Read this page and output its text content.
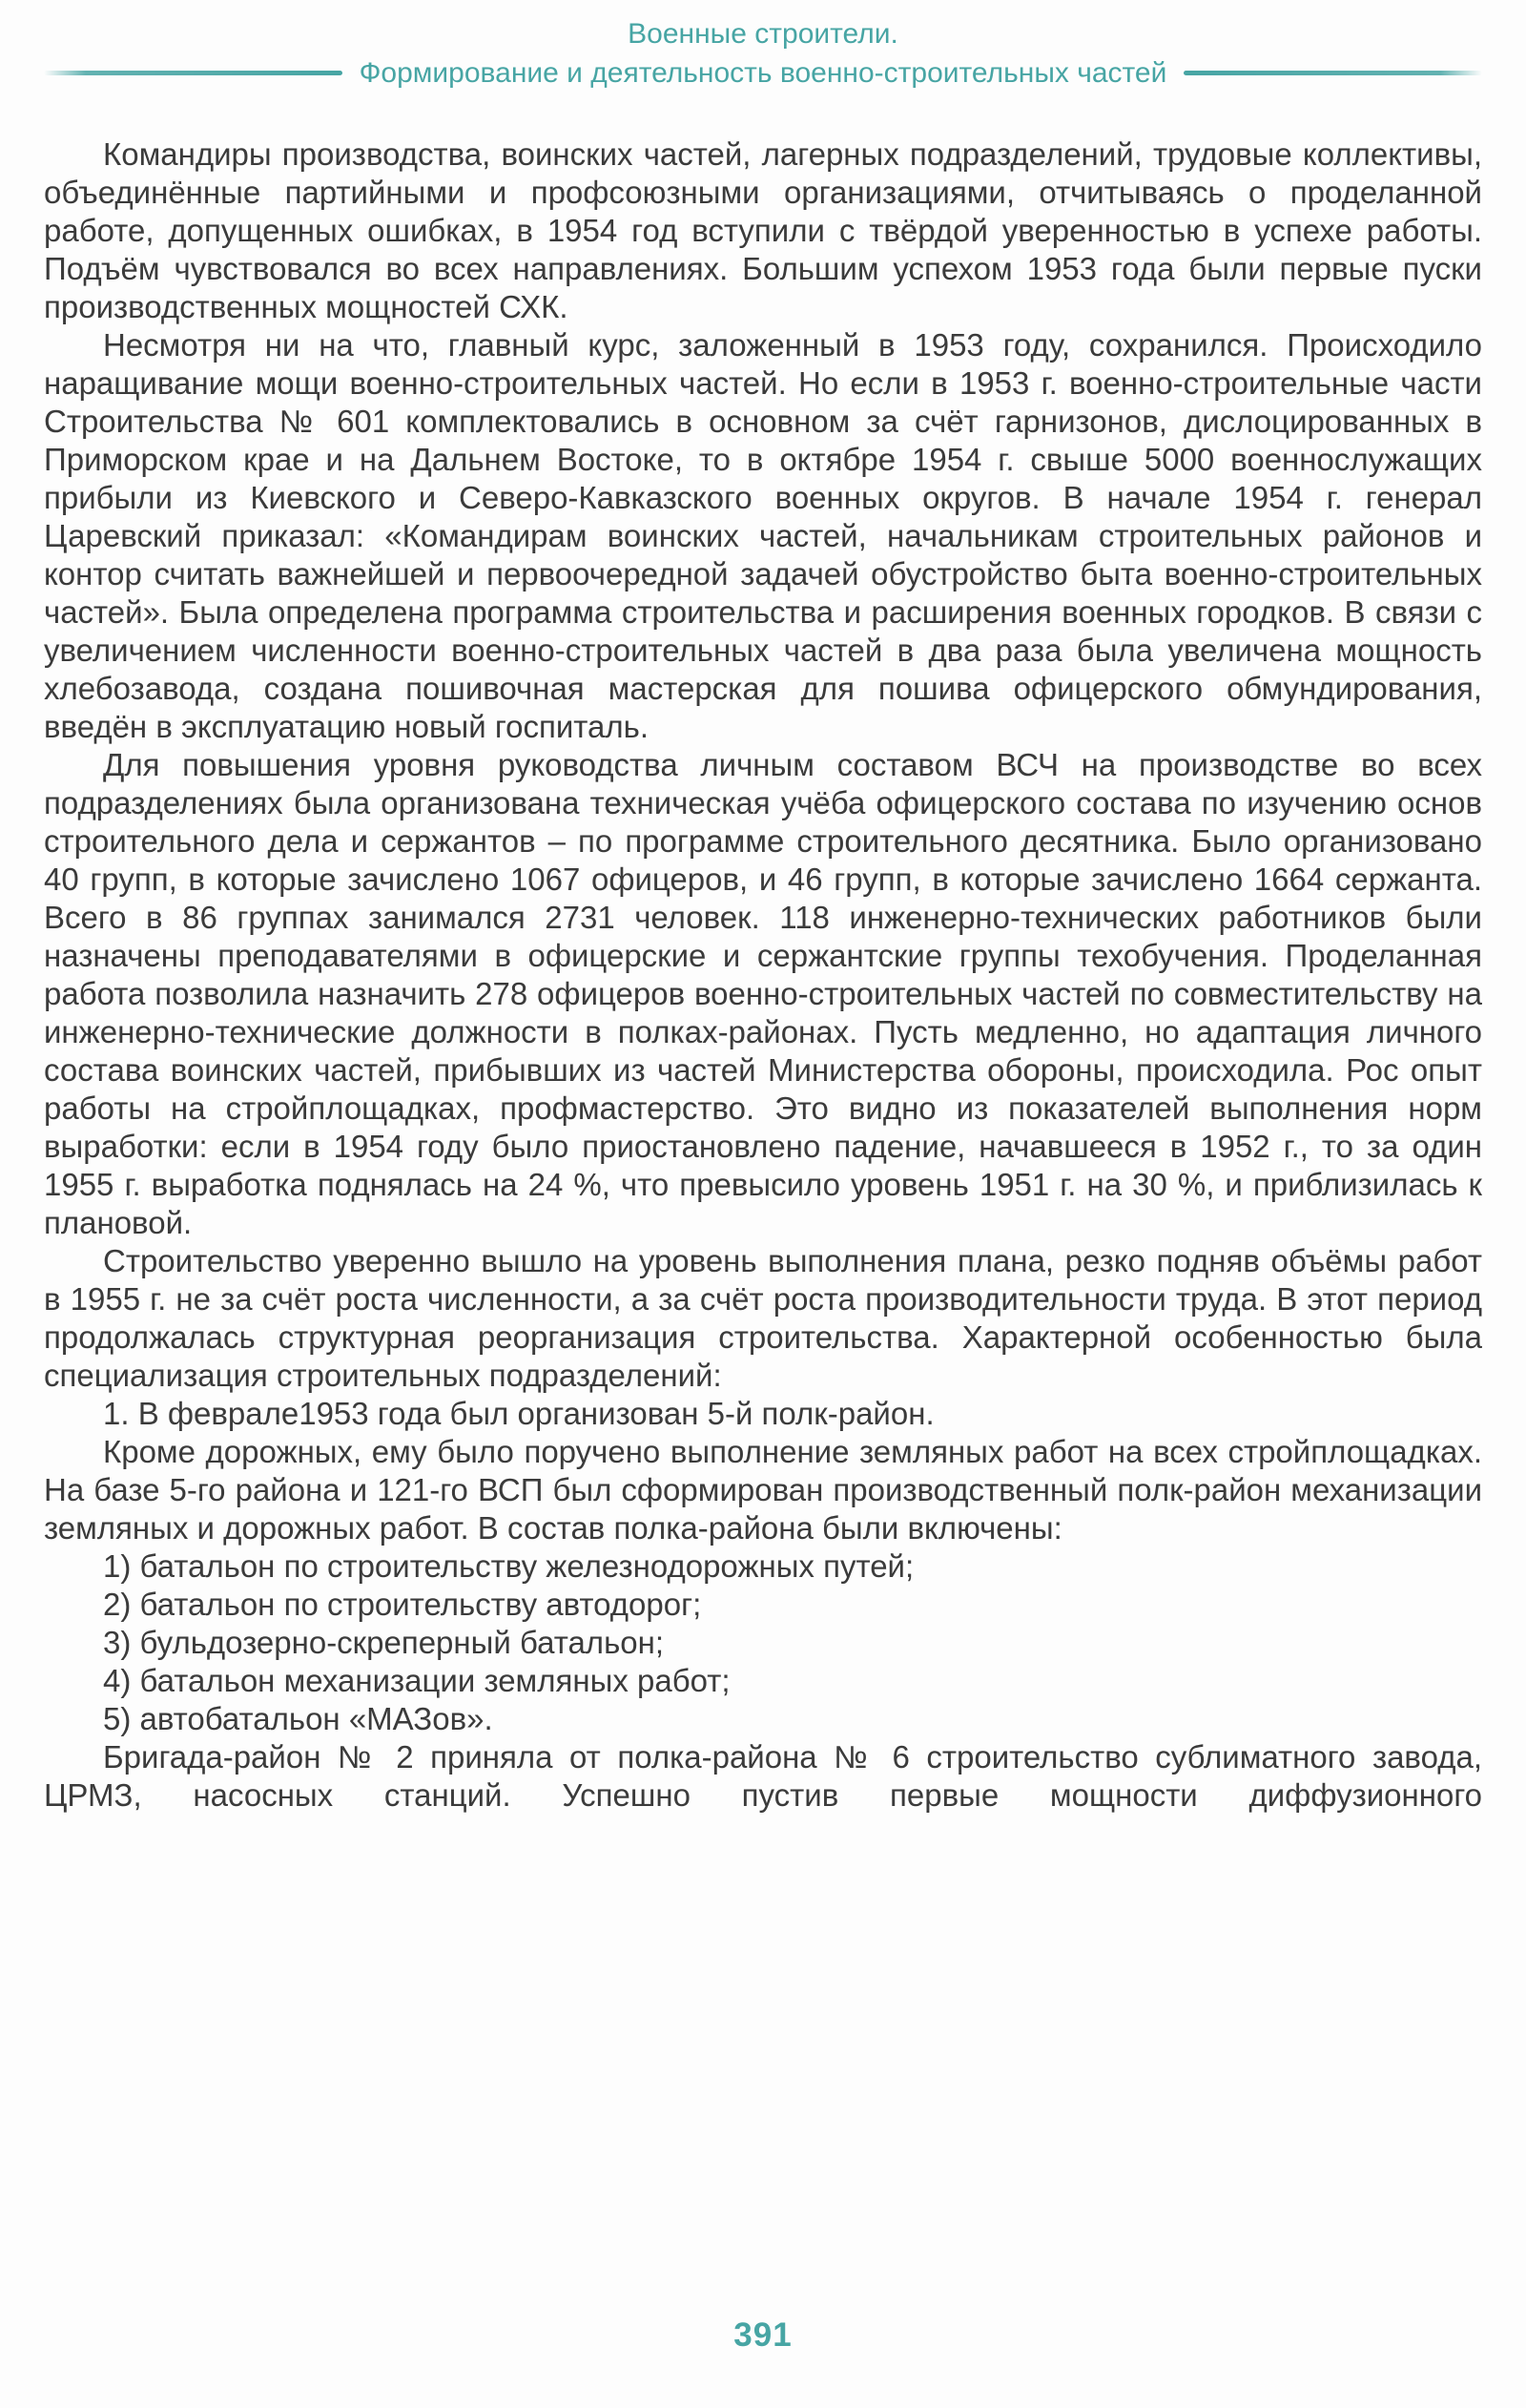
Военные строители.
Формирование и деятельность военно-строительных частей

Командиры производства, воинских частей, лагерных подразделений, трудовые коллективы, объединённые партийными и профсоюзными организациями, отчитываясь о проделанной работе, допущенных ошибках, в 1954 год вступили с твёрдой уверенностью в успехе работы. Подъём чувствовался во всех направлениях. Большим успехом 1953 года были первые пуски производственных мощностей СХК.

Несмотря ни на что, главный курс, заложенный в 1953 году, сохранился. Происходило наращивание мощи военно-строительных частей. Но если в 1953 г. военно-строительные части Строительства № 601 комплектовались в основном за счёт гарнизонов, дислоцированных в Приморском крае и на Дальнем Востоке, то в октябре 1954 г. свыше 5000 военнослужащих прибыли из Киевского и Северо-Кавказского военных округов. В начале 1954 г. генерал Царевский приказал: «Командирам воинских частей, начальникам строительных районов и контор считать важнейшей и первоочередной задачей обустройство быта военно-строительных частей». Была определена программа строительства и расширения военных городков. В связи с увеличением численности военно-строительных частей в два раза была увеличена мощность хлебозавода, создана пошивочная мастерская для пошива офицерского обмундирования, введён в эксплуатацию новый госпиталь.

Для повышения уровня руководства личным составом ВСЧ на производстве во всех подразделениях была организована техническая учёба офицерского состава по изучению основ строительного дела и сержантов – по программе строительного десятника. Было организовано 40 групп, в которые зачислено 1067 офицеров, и 46 групп, в которые зачислено 1664 сержанта. Всего в 86 группах занимался 2731 человек. 118 инженерно-технических работников были назначены преподавателями в офицерские и сержантские группы техобучения. Проделанная работа позволила назначить 278 офицеров военно-строительных частей по совместительству на инженерно-технические должности в полках-районах. Пусть медленно, но адаптация личного состава воинских частей, прибывших из частей Министерства обороны, происходила. Рос опыт работы на стройплощадках, профмастерство. Это видно из показателей выполнения норм выработки: если в 1954 году было приостановлено падение, начавшееся в 1952 г., то за один 1955 г. выработка поднялась на 24 %, что превысило уровень 1951 г. на 30 %, и приблизилась к плановой.

Строительство уверенно вышло на уровень выполнения плана, резко подняв объёмы работ в 1955 г. не за счёт роста численности, а за счёт роста производительности труда. В этот период продолжалась структурная реорганизация строительства. Характерной особенностью была специализация строительных подразделений:

1. В феврале1953 года был организован 5-й полк-район.

Кроме дорожных, ему было поручено выполнение земляных работ на всех стройплощадках. На базе 5-го района и 121-го ВСП был сформирован производственный полк-район механизации земляных и дорожных работ. В состав полка-района были включены:

1) батальон по строительству железнодорожных путей;

2) батальон по строительству автодорог;

3) бульдозерно-скреперный батальон;

4) батальон механизации земляных работ;

5) автобатальон «МАЗов».

Бригада-район № 2 приняла от полка-района № 6 строительство сублиматного завода, ЦРМЗ, насосных станций. Успешно пустив первые мощности диффузионного

391
